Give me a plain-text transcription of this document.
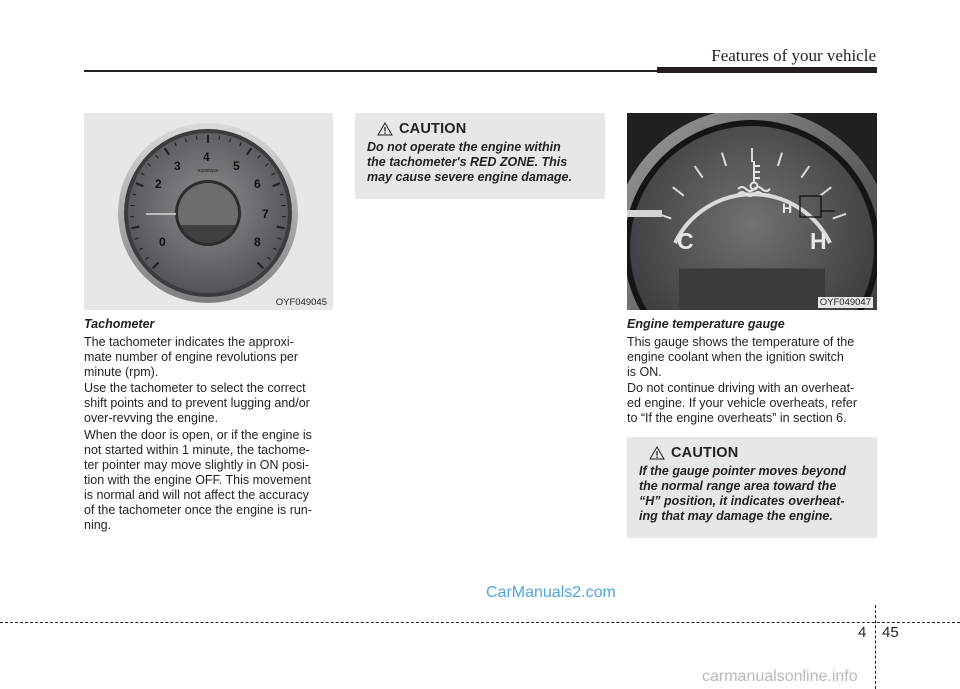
Features of your vehicle
0
2
3
4
5
6
7
8
X1000rpm
OYF049045
Tachometer
The tachometer indicates the approxi-
mate number of engine revolutions per
minute (rpm).
Use the tachometer to select the correct
shift points and to prevent lugging and/or
over-revving the engine.
When the door is open, or if the engine is
not started within 1 minute, the tachome-
ter pointer may move slightly in ON posi-
tion with the engine OFF. This movement
is normal and will not affect the accuracy
of the tachometer once the engine is run-
ning.
CAUTION
Do not operate the engine within
the tachometer's RED ZONE. This
may cause severe engine damage.
C	H
H
OYF049047
Engine temperature gauge
This gauge shows the temperature of the
engine coolant when the ignition switch
is ON.
Do not continue driving with an overheat-
ed engine. If your vehicle overheats, refer
to “If the engine overheats” in section 6.
CAUTION
If the gauge pointer moves beyond
the normal range area toward the
“H” position, it indicates overheat-
ing that may damage the engine.
CarManuals2.com
4 45
carmanualsonline.info
